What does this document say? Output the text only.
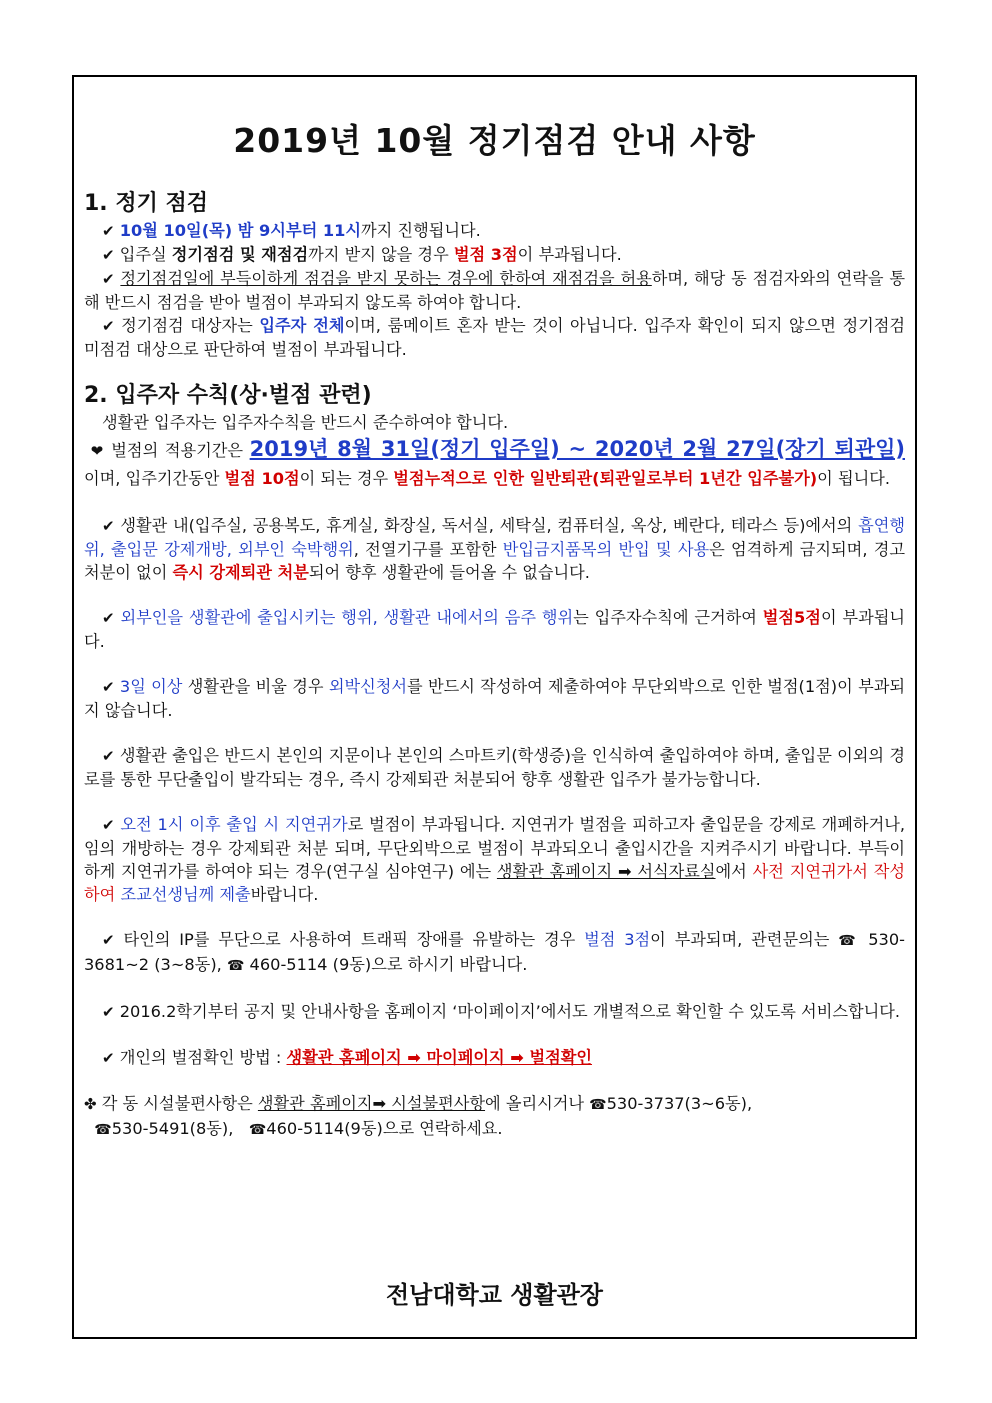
2019년 10월 정기점검 안내 사항
1. 정기 점검

✔ 10월 10일(목) 밤 9시부터 11시까지 진행됩니다.

✔ 입주실 정기점검 및 재점검까지 받지 않을 경우 벌점 3점이 부과됩니다.

✔ 정기점검일에 부득이하게 점검을 받지 못하는 경우에 한하여 재점검을 허용하며, 해당 동 점검자와의 연락을 통해 반드시 점검을 받아 벌점이 부과되지 않도록 하여야 합니다.

✔ 정기점검 대상자는 입주자 전체이며, 룸메이트 혼자 받는 것이 아닙니다. 입주자 확인이 되지 않으면 정기점검 미점검 대상으로 판단하여 벌점이 부과됩니다.

2. 입주자 수칙(상·벌점 관련)

생활관 입주자는 입주자수칙을 반드시 준수하여야 합니다.

❤ 벌점의 적용기간은 2019년 8월 31일(정기 입주일) ~ 2020년 2월 27일(장기 퇴관일) 이며, 입주기간동안 벌점 10점이 되는 경우 벌점누적으로 인한 일반퇴관(퇴관일로부터 1년간 입주불가)이 됩니다.

✔ 생활관 내(입주실, 공용복도, 휴게실, 화장실, 독서실, 세탁실, 컴퓨터실, 옥상, 베란다, 테라스 등)에서의 흡연행위, 출입문 강제개방, 외부인 숙박행위, 전열기구를 포함한 반입금지품목의 반입 및 사용은 엄격하게 금지되며, 경고처분이 없이 즉시 강제퇴관 처분되어 향후 생활관에 들어올 수 없습니다.

✔ 외부인을 생활관에 출입시키는 행위, 생활관 내에서의 음주 행위는 입주자수칙에 근거하여 벌점5점이 부과됩니다.

✔ 3일 이상 생활관을 비울 경우 외박신청서를 반드시 작성하여 제출하여야 무단외박으로 인한 벌점(1점)이 부과되지 않습니다.

✔ 생활관 출입은 반드시 본인의 지문이나 본인의 스마트키(학생증)을 인식하여 출입하여야 하며, 출입문 이외의 경로를 통한 무단출입이 발각되는 경우, 즉시 강제퇴관 처분되어 향후 생활관 입주가 불가능합니다.

✔ 오전 1시 이후 출입 시 지연귀가로 벌점이 부과됩니다. 지연귀가 벌점을 피하고자 출입문을 강제로 개폐하거나, 임의 개방하는 경우 강제퇴관 처분 되며, 무단외박으로 벌점이 부과되오니 출입시간을 지켜주시기 바랍니다. 부득이하게 지연귀가를 하여야 되는 경우(연구실 심야연구) 에는 생활관 홈페이지 ➡ 서식자료실에서 사전 지연귀가서 작성하여 조교선생님께 제출바랍니다.

✔ 타인의 IP를 무단으로 사용하여 트래픽 장애를 유발하는 경우 벌점 3점이 부과되며, 관련문의는 ☎ 530-3681~2 (3~8동), ☎ 460-5114 (9동)으로 하시기 바랍니다.

✔ 2016.2학기부터 공지 및 안내사항을 홈페이지 ‘마이페이지’에서도 개별적으로 확인할 수 있도록 서비스합니다.

✔ 개인의 벌점확인 방법 : 생활관 홈페이지 ➡ 마이페이지 ➡ 벌점확인

✤ 각 동 시설불편사항은 생활관 홈페이지➡ 시설불편사항에 올리시거나 ☎530-3737(3~6동),
☎530-5491(8동), ☎460-5114(9동)으로 연락하세요.

전남대학교 생활관장
